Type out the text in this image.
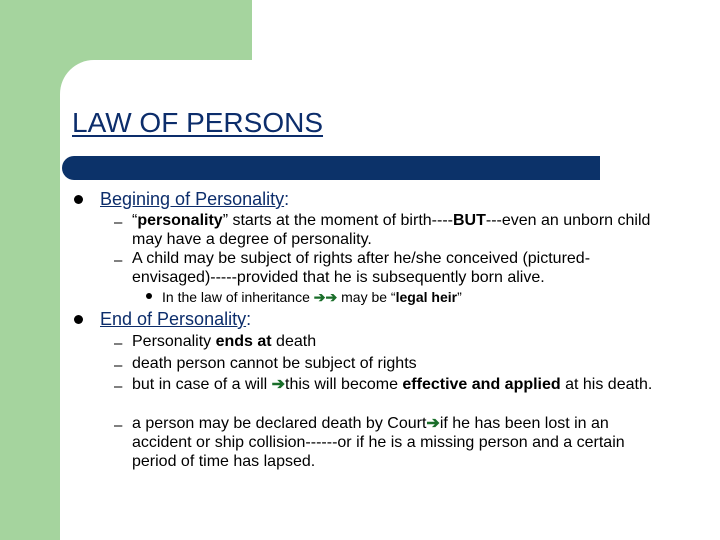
LAW OF PERSONS
Begining of Personality:
– “personality” starts at the moment of birth----BUT---even an unborn child may have a degree of personality.
– A child may be subject of rights after he/she conceived (pictured-envisaged)-----provided that he is subsequently born alive.
In the law of inheritance ➔➔ may be “legal heir”
End of Personality:
– Personality ends at death
– death person cannot be subject of rights
– but in case of a will ➔this will become effective and applied at his death.
– a person may be declared death by Court➔if he has been lost in an accident or ship collision------or if he is a missing person and a certain period of time has lapsed.
